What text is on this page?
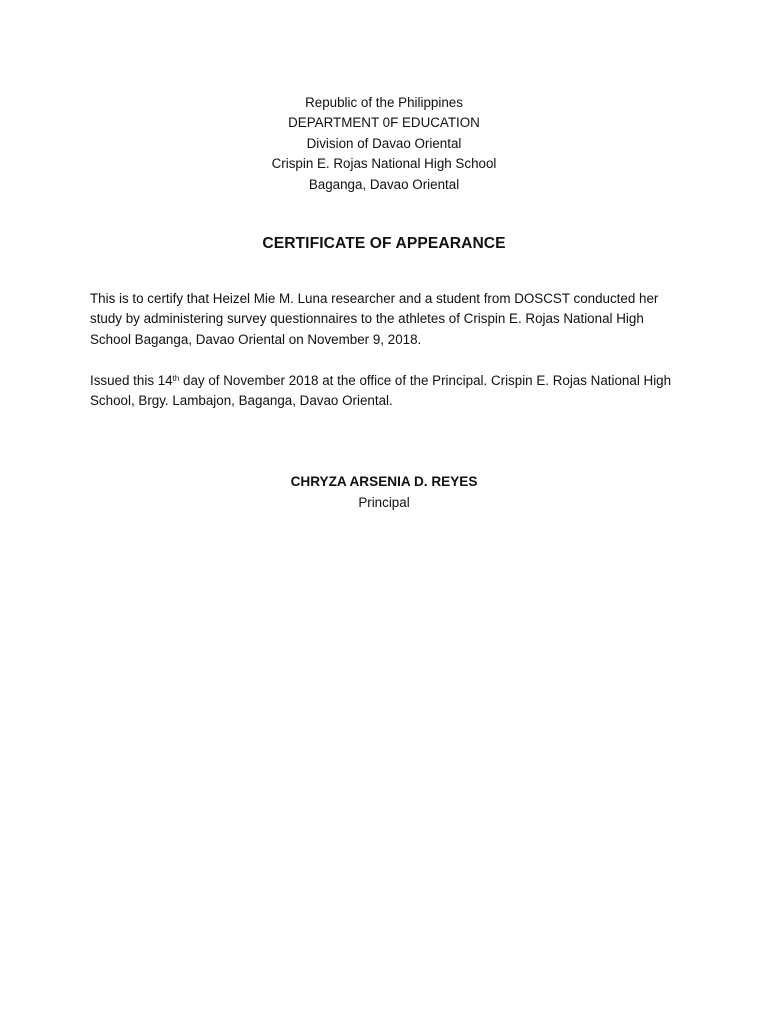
Republic of the Philippines
DEPARTMENT 0F EDUCATION
Division of Davao Oriental
Crispin E. Rojas National High School
Baganga, Davao Oriental
CERTIFICATE OF APPEARANCE
This is to certify that Heizel Mie M. Luna researcher and a student from DOSCST conducted her study by administering survey questionnaires to the athletes of Crispin E. Rojas National High School Baganga, Davao Oriental on November 9, 2018.
Issued this 14th day of November 2018 at the office of the Principal. Crispin E. Rojas National High School, Brgy. Lambajon, Baganga, Davao Oriental.
CHRYZA ARSENIA D. REYES
Principal
